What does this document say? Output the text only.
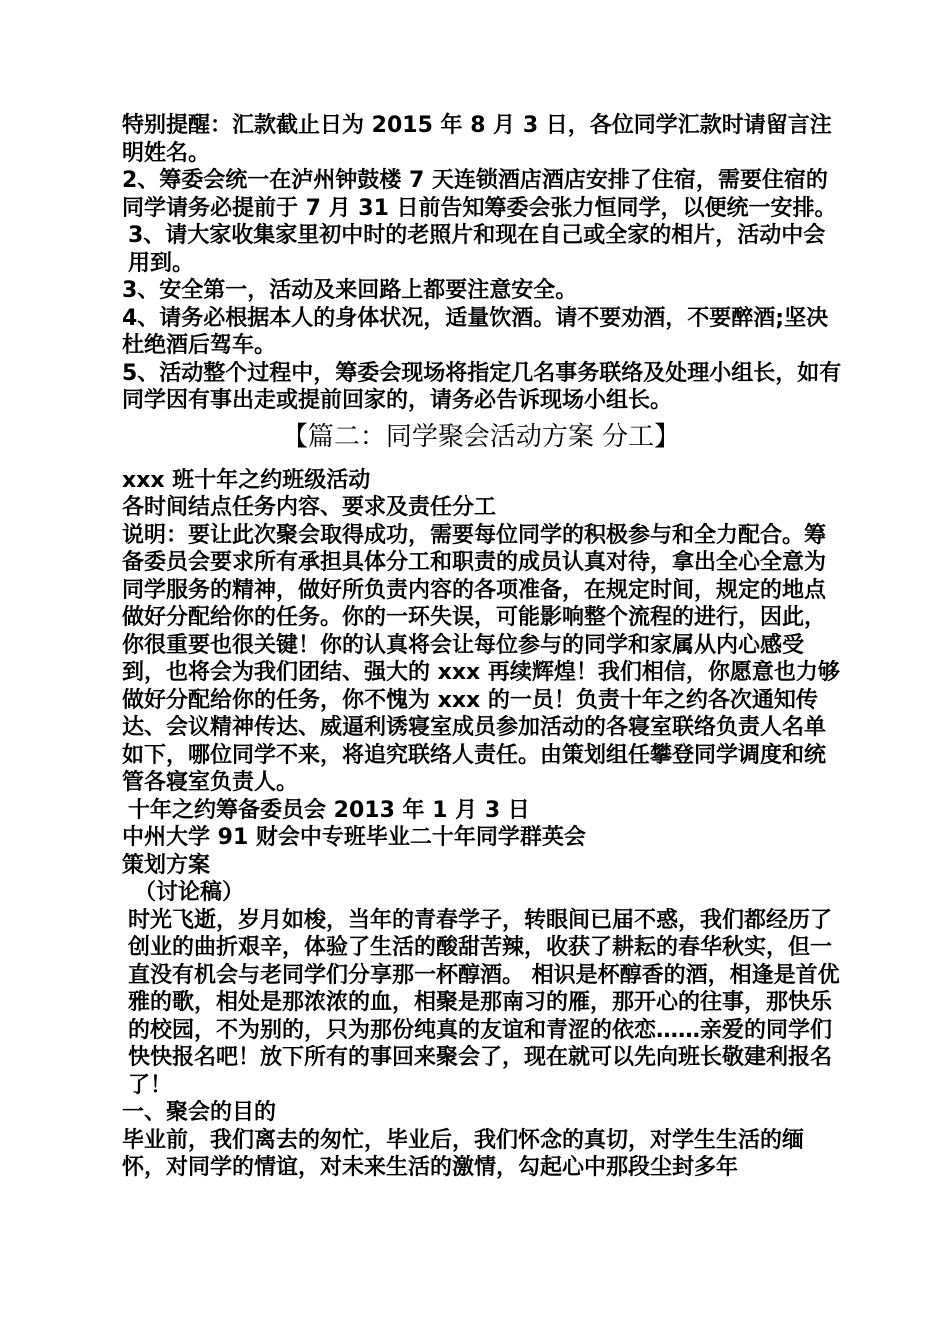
特别提醒：汇款截止日为 2015 年 8 月 3 日，各位同学汇款时请留言注明姓名。

2、筹委会统一在泸州钟鼓楼 7 天连锁酒店酒店安排了住宿，需要住宿的同学请务必提前于 7 月 31 日前告知筹委会张力恒同学，以便统一安排。

3、请大家收集家里初中时的老照片和现在自己或全家的相片，活动中会用到。

3、安全第一，活动及来回路上都要注意安全。

4、请务必根据本人的身体状况，适量饮酒。请不要劝酒，不要醉酒;坚决杜绝酒后驾车。

5、活动整个过程中，筹委会现场将指定几名事务联络及处理小组长，如有同学因有事出走或提前回家的，请务必告诉现场小组长。

【篇二：同学聚会活动方案 分工】

xxx 班十年之约班级活动

各时间结点任务内容、要求及责任分工

说明：要让此次聚会取得成功，需要每位同学的积极参与和全力配合。筹备委员会要求所有承担具体分工和职责的成员认真对待，拿出全心全意为同学服务的精神，做好所负责内容的各项准备，在规定时间，规定的地点做好分配给你的任务。你的一环失误，可能影响整个流程的进行，因此，你很重要也很关键！你的认真将会让每位参与的同学和家属从内心感受到，也将会为我们团结、强大的 xxx 再续辉煌！我们相信，你愿意也力够做好分配给你的任务，你不愧为 xxx 的一员！负责十年之约各次通知传达、会议精神传达、威逼利诱寝室成员参加活动的各寝室联络负责人名单如下，哪位同学不来，将追究联络人责任。由策划组任攀登同学调度和统管各寝室负责人。

十年之约筹备委员会 2013 年 1 月 3 日

中州大学 91 财会中专班毕业二十年同学群英会

策划方案

（讨论稿）

时光飞逝，岁月如梭，当年的青春学子，转眼间已届不惑，我们都经历了创业的曲折艰辛，体验了生活的酸甜苦辣，收获了耕耘的春华秋实，但一直没有机会与老同学们分享那一杯醇酒。 相识是杯醇香的酒，相逢是首优雅的歌，相处是那浓浓的血，相聚是那南习的雁，那开心的往事，那快乐的校园，不为别的，只为那份纯真的友谊和青涩的依恋……亲爱的同学们快快报名吧！放下所有的事回来聚会了，现在就可以先向班长敬建利报名了！

一、聚会的目的

毕业前，我们离去的匆忙，毕业后，我们怀念的真切，对学生生活的缅怀，对同学的情谊，对未来生活的激情，勾起心中那段尘封多年
